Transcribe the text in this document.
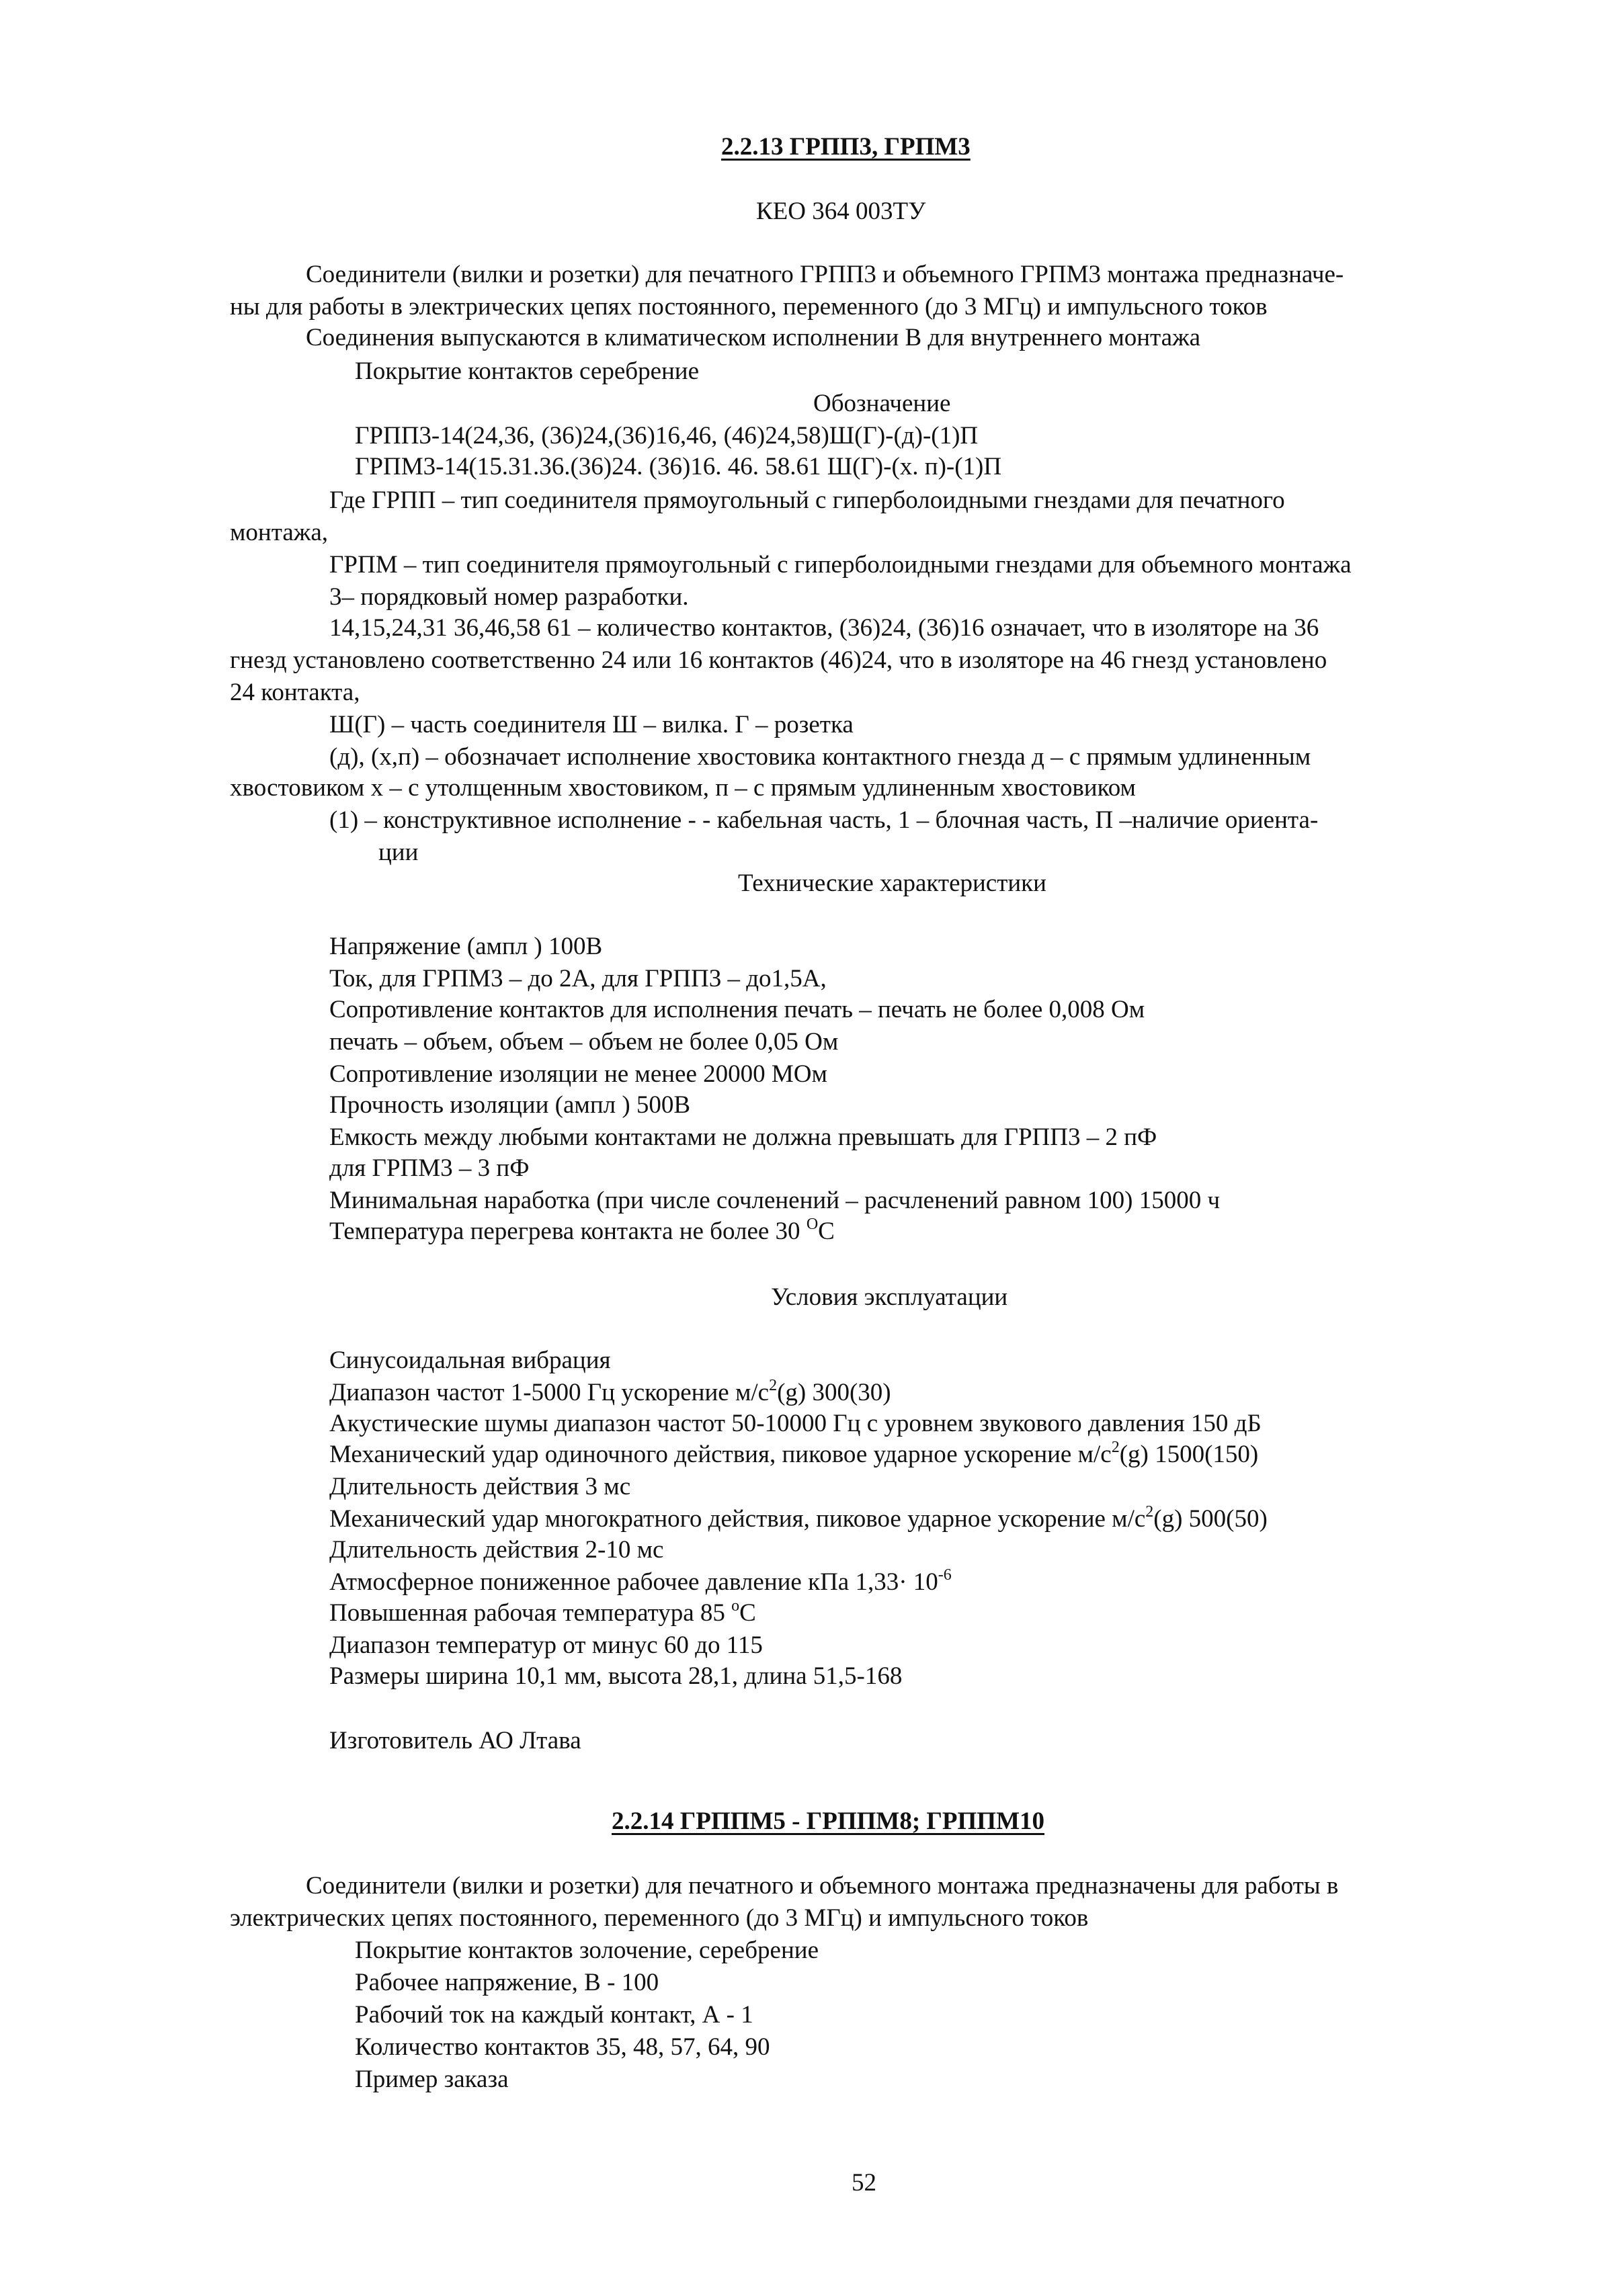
2.2.13 ГРПП3, ГРПМ3
КЕО 364 003ТУ
Соединители (вилки и розетки) для печатного ГРПП3 и объемного ГРПМ3 монтажа предназначе-
ны для работы в электрических цепях постоянного, переменного (до 3 МГц) и импульсного токов
Соединения выпускаются в климатическом исполнении В для внутреннего монтажа
Покрытие контактов серебрение
Обозначение
ГРПП3-14(24,36, (36)24,(36)16,46, (46)24,58)Ш(Г)-(д)-(1)П
ГРПМ3-14(15.31.36.(36)24. (36)16. 46. 58.61 Ш(Г)-(х. п)-(1)П
Где ГРПП – тип соединителя прямоугольный с гиперболоидными гнездами для печатного
монтажа,
ГРПМ – тип соединителя прямоугольный с гиперболоидными гнездами для объемного монтажа
3– порядковый номер разработки.
14,15,24,31 36,46,58 61 – количество контактов, (36)24, (36)16 означает, что в изоляторе на 36
гнезд установлено соответственно 24 или 16 контактов (46)24, что в изоляторе на 46 гнезд установлено
24 контакта,
Ш(Г) – часть соединителя Ш – вилка. Г – розетка
(д), (х,п) – обозначает исполнение хвостовика контактного гнезда д – с прямым удлиненным
хвостовиком х – с утолщенным хвостовиком, п – с прямым удлиненным хвостовиком
(1) – конструктивное исполнение - - кабельная часть, 1 – блочная часть, П –наличие ориента-
ции
Технические характеристики
Напряжение (ампл ) 100В
Ток, для ГРПМ3 – до 2А, для ГРПП3 – до1,5А,
Сопротивление контактов для исполнения печать – печать не более 0,008 Ом
печать – объем, объем – объем не более 0,05 Ом
Сопротивление изоляции не менее 20000 МОм
Прочность изоляции (ампл ) 500В
Емкость между любыми контактами не должна превышать для ГРПП3 – 2 пФ
для ГРПМ3 – 3 пФ
Минимальная наработка (при числе сочленений – расчленений равном 100) 15000 ч
Температура перегрева контакта не более 30 $^О$С
Условия эксплуатации
Синусоидальная вибрация
Диапазон частот 1-5000 Гц ускорение $м/с^2(g)$ 300(30)
Акустические шумы диапазон частот 50-10000 Гц с уровнем звукового давления 150 дБ
Механический удар одиночного действия, пиковое ударное ускорение $м/с^2(g)$ 1500(150)
Длительность действия 3 мс
Механический удар многократного действия, пиковое ударное ускорение $м/с^2(g)$ 500(50)
Длительность действия 2-10 мс
Атмосферное пониженное рабочее давление кПа $1,33\cdot 10^{-6}$
Повышенная рабочая температура 85 $^о$С
Диапазон температур от минус 60 до 115
Размеры ширина 10,1 мм, высота 28,1, длина 51,5-168
Изготовитель АО Лтава
2.2.14 ГРППМ5 - ГРППМ8; ГРППМ10
Соединители (вилки и розетки) для печатного и объемного монтажа предназначены для работы в
электрических цепях постоянного, переменного (до 3 МГц) и импульсного токов
Покрытие контактов золочение, серебрение
Рабочее напряжение, В - 100
Рабочий ток на каждый контакт, А - 1
Количество контактов 35, 48, 57, 64, 90
Пример заказа
52
